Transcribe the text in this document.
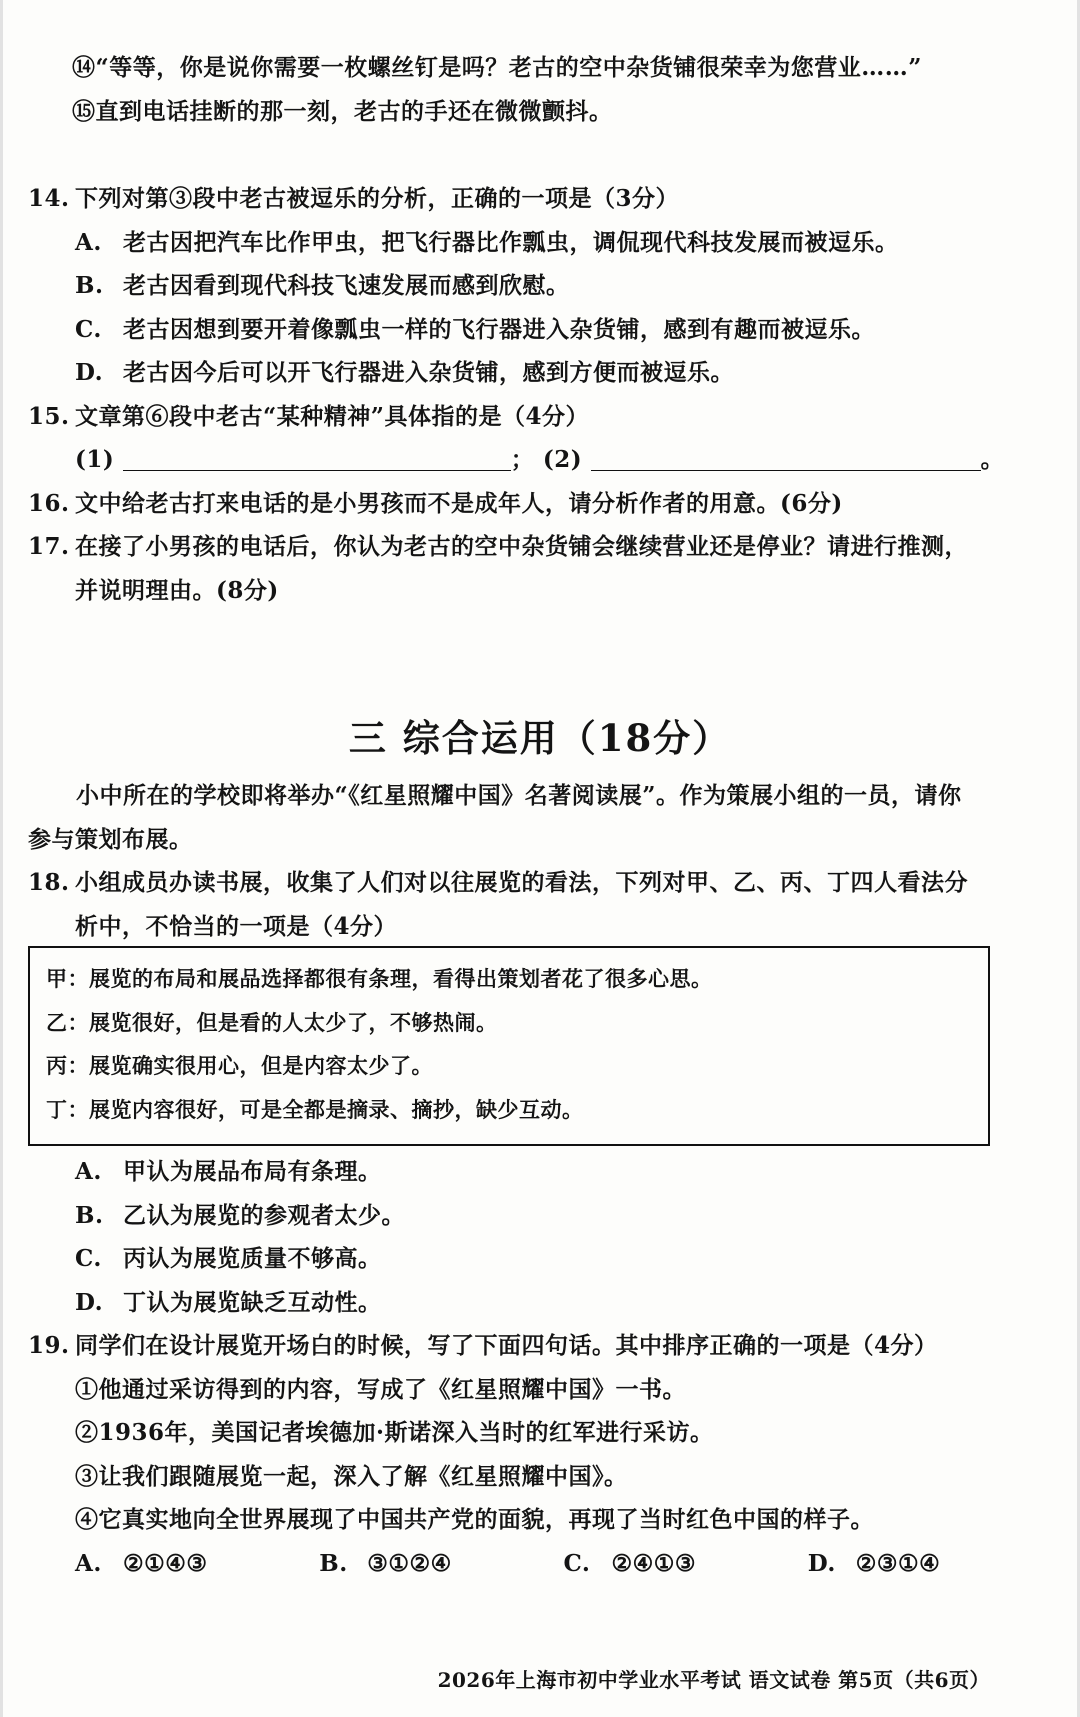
⑭“等等，你是说你需要一枚螺丝钉是吗？老古的空中杂货铺很荣幸为您营业……”
⑮直到电话挂断的那一刻，老古的手还在微微颤抖。
14. 下列对第③段中老古被逗乐的分析，正确的一项是（3分）
A. 老古因把汽车比作甲虫，把飞行器比作瓢虫，调侃现代科技发展而被逗乐。
B. 老古因看到现代科技飞速发展而感到欣慰。
C. 老古因想到要开着像瓢虫一样的飞行器进入杂货铺，感到有趣而被逗乐。
D. 老古因今后可以开飞行器进入杂货铺，感到方便而被逗乐。
15. 文章第⑥段中老古“某种精神”具体指的是（4分）
(1)	； (2)	。
16. 文中给老古打来电话的是小男孩而不是成年人，请分析作者的用意。(6分)
17. 在接了小男孩的电话后，你认为老古的空中杂货铺会继续营业还是停业？请进行推测，
并说明理由。(8分)
三 综合运用（18分）
小中所在的学校即将举办“《红星照耀中国》名著阅读展”。作为策展小组的一员，请你
参与策划布展。
18. 小组成员办读书展，收集了人们对以往展览的看法，下列对甲、乙、丙、丁四人看法分
析中，不恰当的一项是（4分）
甲：展览的布局和展品选择都很有条理，看得出策划者花了很多心思。
乙：展览很好，但是看的人太少了，不够热闹。
丙：展览确实很用心，但是内容太少了。
丁：展览内容很好，可是全都是摘录、摘抄，缺少互动。
A. 甲认为展品布局有条理。
B. 乙认为展览的参观者太少。
C. 丙认为展览质量不够高。
D. 丁认为展览缺乏互动性。
19. 同学们在设计展览开场白的时候，写了下面四句话。其中排序正确的一项是（4分）
①他通过采访得到的内容，写成了《红星照耀中国》一书。
②1936年，美国记者埃德加·斯诺深入当时的红军进行采访。
③让我们跟随展览一起，深入了解《红星照耀中国》。
④它真实地向全世界展现了中国共产党的面貌，再现了当时红色中国的样子。
A. ②①④③	B. ③①②④	C. ②④①③	D. ②③①④
2026年上海市初中学业水平考试 语文试卷 第5页（共6页）
